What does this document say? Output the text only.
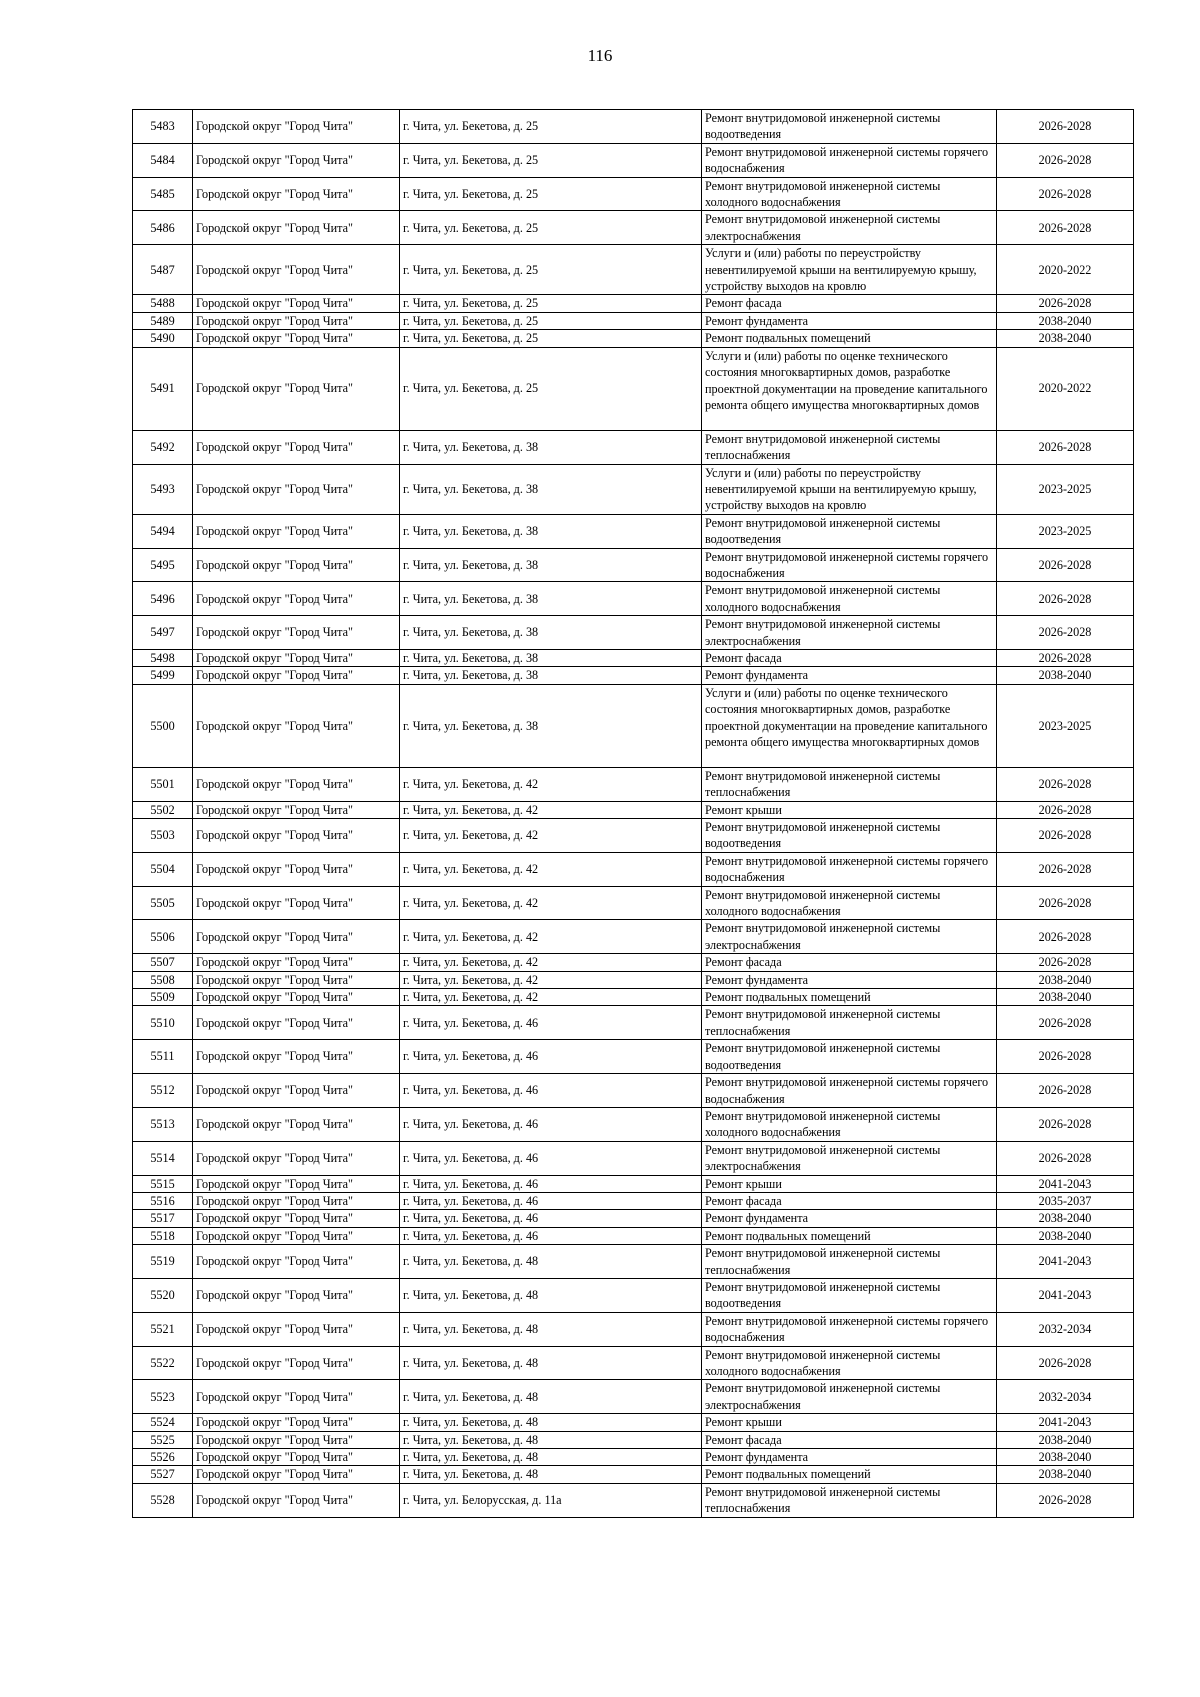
116
5483	Городской округ "Город Чита"	г. Чита, ул. Бекетова, д. 25	Ремонт внутридомовой инженерной системы водоотведения	2026-2028
5484	Городской округ "Город Чита"	г. Чита, ул. Бекетова, д. 25	Ремонт внутридомовой инженерной системы горячего водоснабжения	2026-2028
5485	Городской округ "Город Чита"	г. Чита, ул. Бекетова, д. 25	Ремонт внутридомовой инженерной системы холодного водоснабжения	2026-2028
5486	Городской округ "Город Чита"	г. Чита, ул. Бекетова, д. 25	Ремонт внутридомовой инженерной системы электроснабжения	2026-2028
5487	Городской округ "Город Чита"	г. Чита, ул. Бекетова, д. 25	Услуги и (или) работы по переустройству невентилируемой крыши на вентилируемую крышу, устройству выходов на кровлю	2020-2022
5488	Городской округ "Город Чита"	г. Чита, ул. Бекетова, д. 25	Ремонт фасада	2026-2028
5489	Городской округ "Город Чита"	г. Чита, ул. Бекетова, д. 25	Ремонт фундамента	2038-2040
5490	Городской округ "Город Чита"	г. Чита, ул. Бекетова, д. 25	Ремонт подвальных помещений	2038-2040
5491	Городской округ "Город Чита"	г. Чита, ул. Бекетова, д. 25	Услуги и (или) работы по оценке технического состояния многоквартирных домов, разработке проектной документации на проведение капитального ремонта общего имущества многоквартирных домов	2020-2022
5492	Городской округ "Город Чита"	г. Чита, ул. Бекетова, д. 38	Ремонт внутридомовой инженерной системы теплоснабжения	2026-2028
5493	Городской округ "Город Чита"	г. Чита, ул. Бекетова, д. 38	Услуги и (или) работы по переустройству невентилируемой крыши на вентилируемую крышу, устройству выходов на кровлю	2023-2025
5494	Городской округ "Город Чита"	г. Чита, ул. Бекетова, д. 38	Ремонт внутридомовой инженерной системы водоотведения	2023-2025
5495	Городской округ "Город Чита"	г. Чита, ул. Бекетова, д. 38	Ремонт внутридомовой инженерной системы горячего водоснабжения	2026-2028
5496	Городской округ "Город Чита"	г. Чита, ул. Бекетова, д. 38	Ремонт внутридомовой инженерной системы холодного водоснабжения	2026-2028
5497	Городской округ "Город Чита"	г. Чита, ул. Бекетова, д. 38	Ремонт внутридомовой инженерной системы электроснабжения	2026-2028
5498	Городской округ "Город Чита"	г. Чита, ул. Бекетова, д. 38	Ремонт фасада	2026-2028
5499	Городской округ "Город Чита"	г. Чита, ул. Бекетова, д. 38	Ремонт фундамента	2038-2040
5500	Городской округ "Город Чита"	г. Чита, ул. Бекетова, д. 38	Услуги и (или) работы по оценке технического состояния многоквартирных домов, разработке проектной документации на проведение капитального ремонта общего имущества многоквартирных домов	2023-2025
5501	Городской округ "Город Чита"	г. Чита, ул. Бекетова, д. 42	Ремонт внутридомовой инженерной системы теплоснабжения	2026-2028
5502	Городской округ "Город Чита"	г. Чита, ул. Бекетова, д. 42	Ремонт крыши	2026-2028
5503	Городской округ "Город Чита"	г. Чита, ул. Бекетова, д. 42	Ремонт внутридомовой инженерной системы водоотведения	2026-2028
5504	Городской округ "Город Чита"	г. Чита, ул. Бекетова, д. 42	Ремонт внутридомовой инженерной системы горячего водоснабжения	2026-2028
5505	Городской округ "Город Чита"	г. Чита, ул. Бекетова, д. 42	Ремонт внутридомовой инженерной системы холодного водоснабжения	2026-2028
5506	Городской округ "Город Чита"	г. Чита, ул. Бекетова, д. 42	Ремонт внутридомовой инженерной системы электроснабжения	2026-2028
5507	Городской округ "Город Чита"	г. Чита, ул. Бекетова, д. 42	Ремонт фасада	2026-2028
5508	Городской округ "Город Чита"	г. Чита, ул. Бекетова, д. 42	Ремонт фундамента	2038-2040
5509	Городской округ "Город Чита"	г. Чита, ул. Бекетова, д. 42	Ремонт подвальных помещений	2038-2040
5510	Городской округ "Город Чита"	г. Чита, ул. Бекетова, д. 46	Ремонт внутридомовой инженерной системы теплоснабжения	2026-2028
5511	Городской округ "Город Чита"	г. Чита, ул. Бекетова, д. 46	Ремонт внутридомовой инженерной системы водоотведения	2026-2028
5512	Городской округ "Город Чита"	г. Чита, ул. Бекетова, д. 46	Ремонт внутридомовой инженерной системы горячего водоснабжения	2026-2028
5513	Городской округ "Город Чита"	г. Чита, ул. Бекетова, д. 46	Ремонт внутридомовой инженерной системы холодного водоснабжения	2026-2028
5514	Городской округ "Город Чита"	г. Чита, ул. Бекетова, д. 46	Ремонт внутридомовой инженерной системы электроснабжения	2026-2028
5515	Городской округ "Город Чита"	г. Чита, ул. Бекетова, д. 46	Ремонт крыши	2041-2043
5516	Городской округ "Город Чита"	г. Чита, ул. Бекетова, д. 46	Ремонт фасада	2035-2037
5517	Городской округ "Город Чита"	г. Чита, ул. Бекетова, д. 46	Ремонт фундамента	2038-2040
5518	Городской округ "Город Чита"	г. Чита, ул. Бекетова, д. 46	Ремонт подвальных помещений	2038-2040
5519	Городской округ "Город Чита"	г. Чита, ул. Бекетова, д. 48	Ремонт внутридомовой инженерной системы теплоснабжения	2041-2043
5520	Городской округ "Город Чита"	г. Чита, ул. Бекетова, д. 48	Ремонт внутридомовой инженерной системы водоотведения	2041-2043
5521	Городской округ "Город Чита"	г. Чита, ул. Бекетова, д. 48	Ремонт внутридомовой инженерной системы горячего водоснабжения	2032-2034
5522	Городской округ "Город Чита"	г. Чита, ул. Бекетова, д. 48	Ремонт внутридомовой инженерной системы холодного водоснабжения	2026-2028
5523	Городской округ "Город Чита"	г. Чита, ул. Бекетова, д. 48	Ремонт внутридомовой инженерной системы электроснабжения	2032-2034
5524	Городской округ "Город Чита"	г. Чита, ул. Бекетова, д. 48	Ремонт крыши	2041-2043
5525	Городской округ "Город Чита"	г. Чита, ул. Бекетова, д. 48	Ремонт фасада	2038-2040
5526	Городской округ "Город Чита"	г. Чита, ул. Бекетова, д. 48	Ремонт фундамента	2038-2040
5527	Городской округ "Город Чита"	г. Чита, ул. Бекетова, д. 48	Ремонт подвальных помещений	2038-2040
5528	Городской округ "Город Чита"	г. Чита, ул. Белорусская, д. 11а	Ремонт внутридомовой инженерной системы теплоснабжения	2026-2028
